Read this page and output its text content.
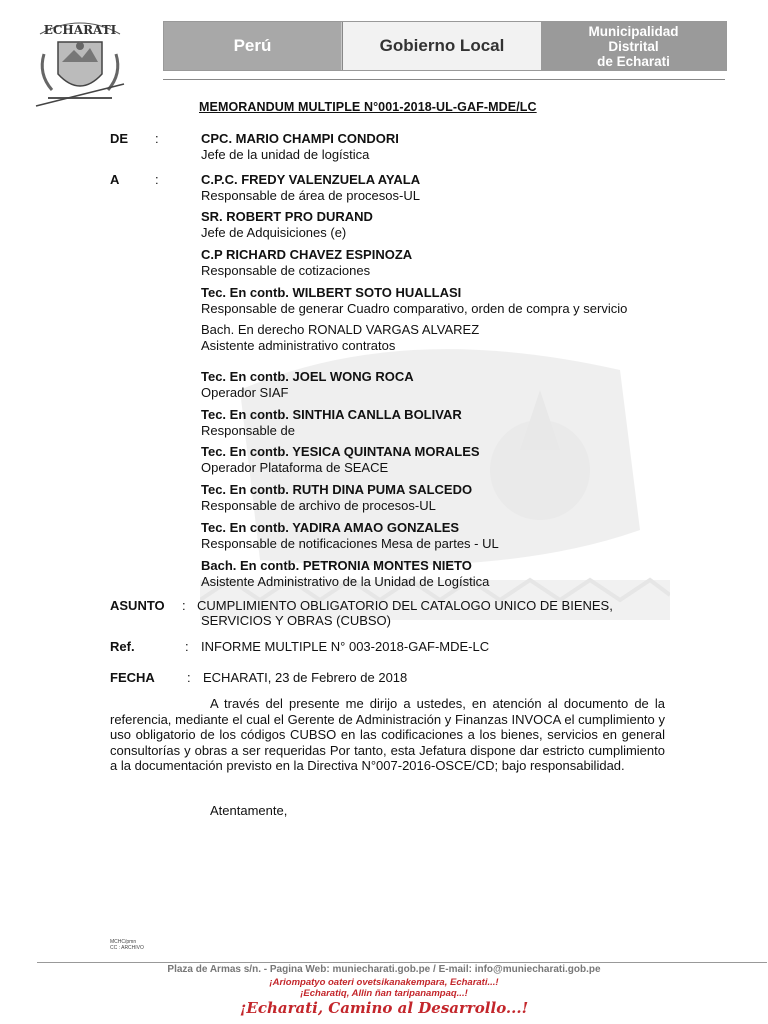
ECHARATI
Perú	Gobierno Local
Municipalidad
Distrital
de Echarati
MEMORANDUM MULTIPLE N°001-2018-UL-GAF-MDE/LC
DE :	CPC. MARIO CHAMPI CONDORI
Jefe de la unidad de logística
A	:	C.P.C. FREDY VALENZUELA AYALA
Responsable de área de procesos-UL
SR. ROBERT PRO DURAND
Jefe de Adquisiciones (e)
C.P RICHARD CHAVEZ ESPINOZA
Responsable de cotizaciones
Tec. En contb. WILBERT SOTO HUALLASI
Responsable de generar Cuadro comparativo, orden de compra y servicio
Bach. En derecho RONALD VARGAS ALVAREZ
Asistente administrativo contratos
Tec. En contb. JOEL WONG ROCA
Operador SIAF
Tec. En contb. SINTHIA CANLLA BOLIVAR
Responsable de
Tec. En contb. YESICA QUINTANA MORALES
Operador Plataforma de SEACE
Tec. En contb. RUTH DINA PUMA SALCEDO
Responsable de archivo de procesos-UL
Tec. En contb. YADIRA AMAO GONZALES
Responsable de notificaciones Mesa de partes - UL
Bach. En contb. PETRONIA MONTES NIETO
Asistente Administrativo de la Unidad de Logística
ASUNTO : CUMPLIMIENTO OBLIGATORIO DEL CATALOGO UNICO DE BIENES,
SERVICIOS Y OBRAS (CUBSO)
Ref.	: INFORME MULTIPLE N° 003-2018-GAF-MDE-LC
FECHA : ECHARATI, 23 de Febrero de 2018
A través del presente me dirijo a ustedes, en atención al documento de la referencia, mediante el cual el Gerente de Administración y Finanzas INVOCA el cumplimiento y uso obligatorio de los códigos CUBSO en las codificaciones a los bienes, servicios en general consultorías y obras a ser requeridas Por tanto, esta Jefatura dispone dar estricto cumplimiento a la documentación previsto en la Directiva N°007-2016-OSCE/CD; bajo responsabilidad.
Atentamente,
MCHC/pmn
CC : ARCHIVO
Plaza de Armas s/n. - Pagina Web: muniecharati.gob.pe / E-mail: info@muniecharati.gob.pe
¡Ariompatyo oateri ovetsikanakempara, Echarati...!
¡Echaratiq, Allin ñan taripanampaq...!
¡Echarati, Camino al Desarrollo...!
